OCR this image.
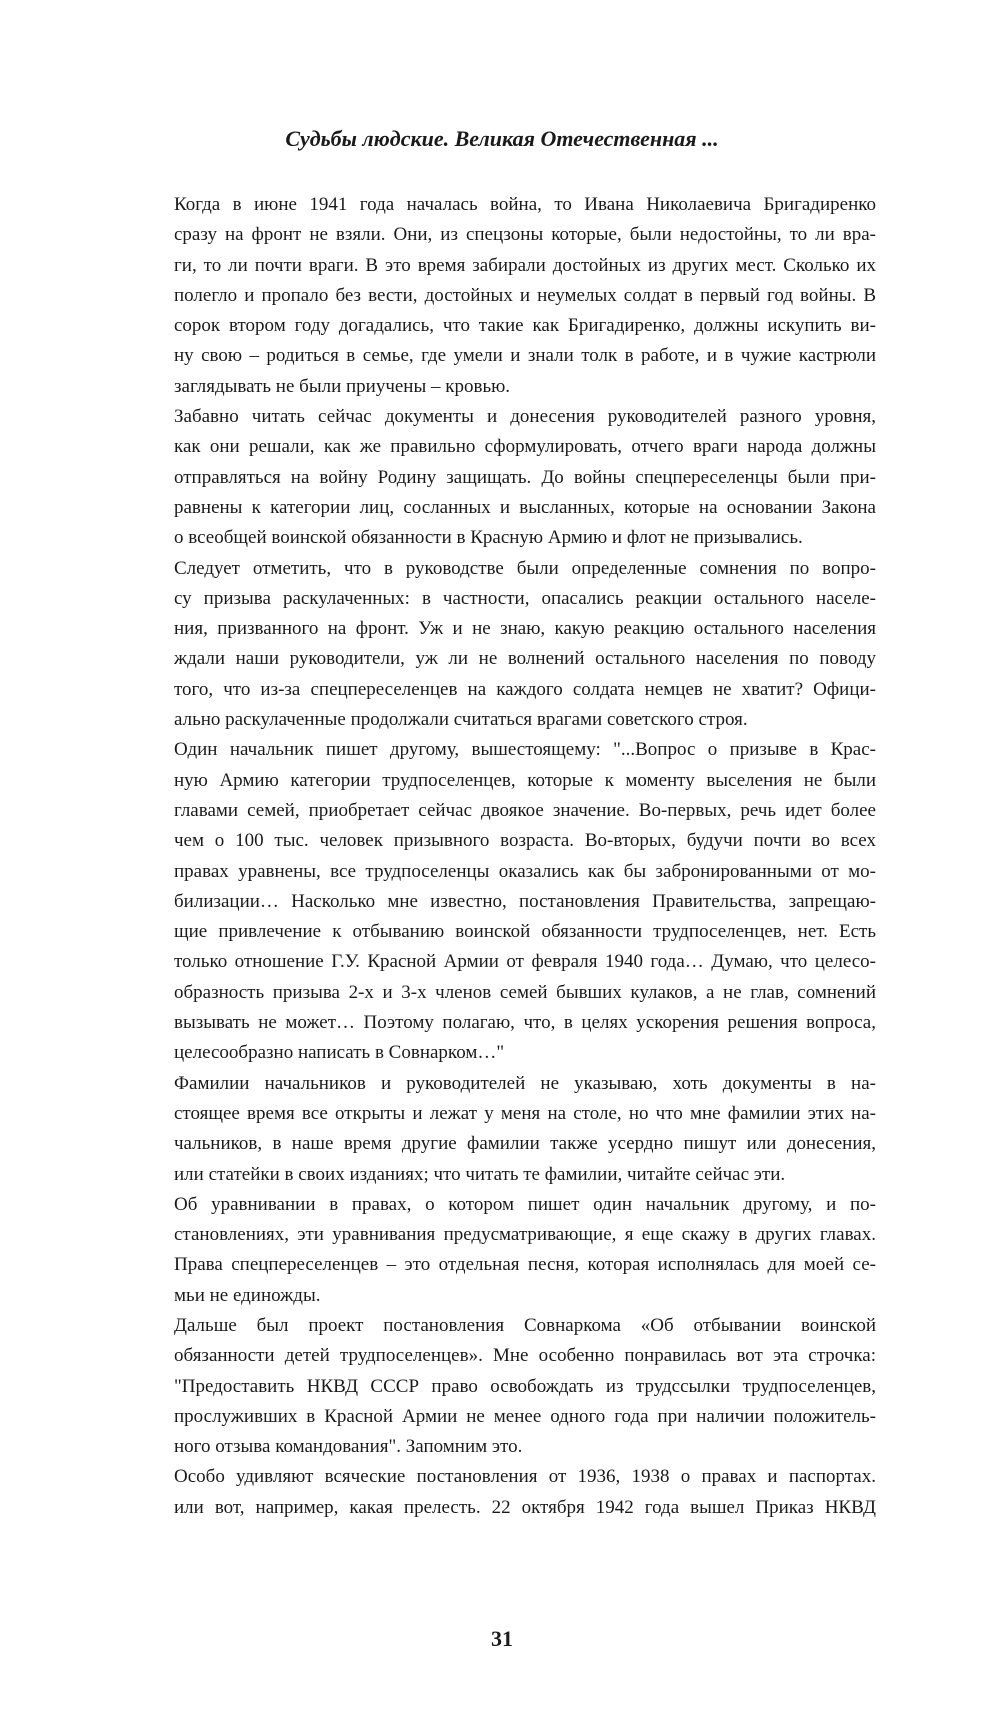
Судьбы людские. Великая Отечественная ...
Когда в июне 1941 года началась война, то Ивана Николаевича Бригадиренко
сразу на фронт не взяли. Они, из спецзоны которые, были недостойны, то ли вра-
ги, то ли почти враги. В это время забирали достойных из других мест. Сколько их
полегло и пропало без вести, достойных и неумелых солдат в первый год войны. В
сорок втором году догадались, что такие как Бригадиренко, должны искупить ви-
ну свою – родиться в семье, где умели и знали толк в работе, и в чужие кастрюли
заглядывать не были приучены – кровью.
Забавно читать сейчас документы и донесения руководителей разного уровня,
как они решали, как же правильно сформулировать, отчего враги народа должны
отправляться на войну Родину защищать. До войны спецпереселенцы были при-
равнены к категории лиц, сосланных и высланных, которые на основании Закона
о всеобщей воинской обязанности в Красную Армию и флот не призывались.
Следует отметить, что в руководстве были определенные сомнения по вопро-
су призыва раскулаченных: в частности, опасались реакции остального населе-
ния, призванного на фронт. Уж и не знаю, какую реакцию остального населения
ждали наши руководители, уж ли не волнений остального населения по поводу
того, что из-за спецпереселенцев на каждого солдата немцев не хватит? Офици-
ально раскулаченные продолжали считаться врагами советского строя.
Один начальник пишет другому, вышестоящему: "...Вопрос о призыве в Крас-
ную Армию категории трудпоселенцев, которые к моменту выселения не были
главами семей, приобретает сейчас двоякое значение. Во-первых, речь идет более
чем о 100 тыс. человек призывного возраста. Во-вторых, будучи почти во всех
правах уравнены, все трудпоселенцы оказались как бы забронированными от мо-
билизации… Насколько мне известно, постановления Правительства, запрещаю-
щие привлечение к отбыванию воинской обязанности трудпоселенцев, нет. Есть
только отношение Г.У. Красной Армии от февраля 1940 года… Думаю, что целесо-
образность призыва 2-х и 3-х членов семей бывших кулаков, а не глав, сомнений
вызывать не может… Поэтому полагаю, что, в целях ускорения решения вопроса,
целесообразно написать в Совнарком…"
Фамилии начальников и руководителей не указываю, хоть документы в на-
стоящее время все открыты и лежат у меня на столе, но что мне фамилии этих на-
чальников, в наше время другие фамилии также усердно пишут или донесения,
или статейки в своих изданиях; что читать те фамилии, читайте сейчас эти.
Об уравнивании в правах, о котором пишет один начальник другому, и по-
становлениях, эти уравнивания предусматривающие, я еще скажу в других главах.
Права спецпереселенцев – это отдельная песня, которая исполнялась для моей се-
мьи не единожды.
Дальше был проект постановления Совнаркома «Об отбывании воинской
обязанности детей трудпоселенцев». Мне особенно понравилась вот эта строчка:
"Предоставить НКВД СССР право освобождать из трудссылки трудпоселенцев,
прослуживших в Красной Армии не менее одного года при наличии положитель-
ного отзыва командования". Запомним это.
Особо удивляют всяческие постановления от 1936, 1938 о правах и паспортах.
или вот, например, какая прелесть. 22 октября 1942 года вышел Приказ НКВД
31
